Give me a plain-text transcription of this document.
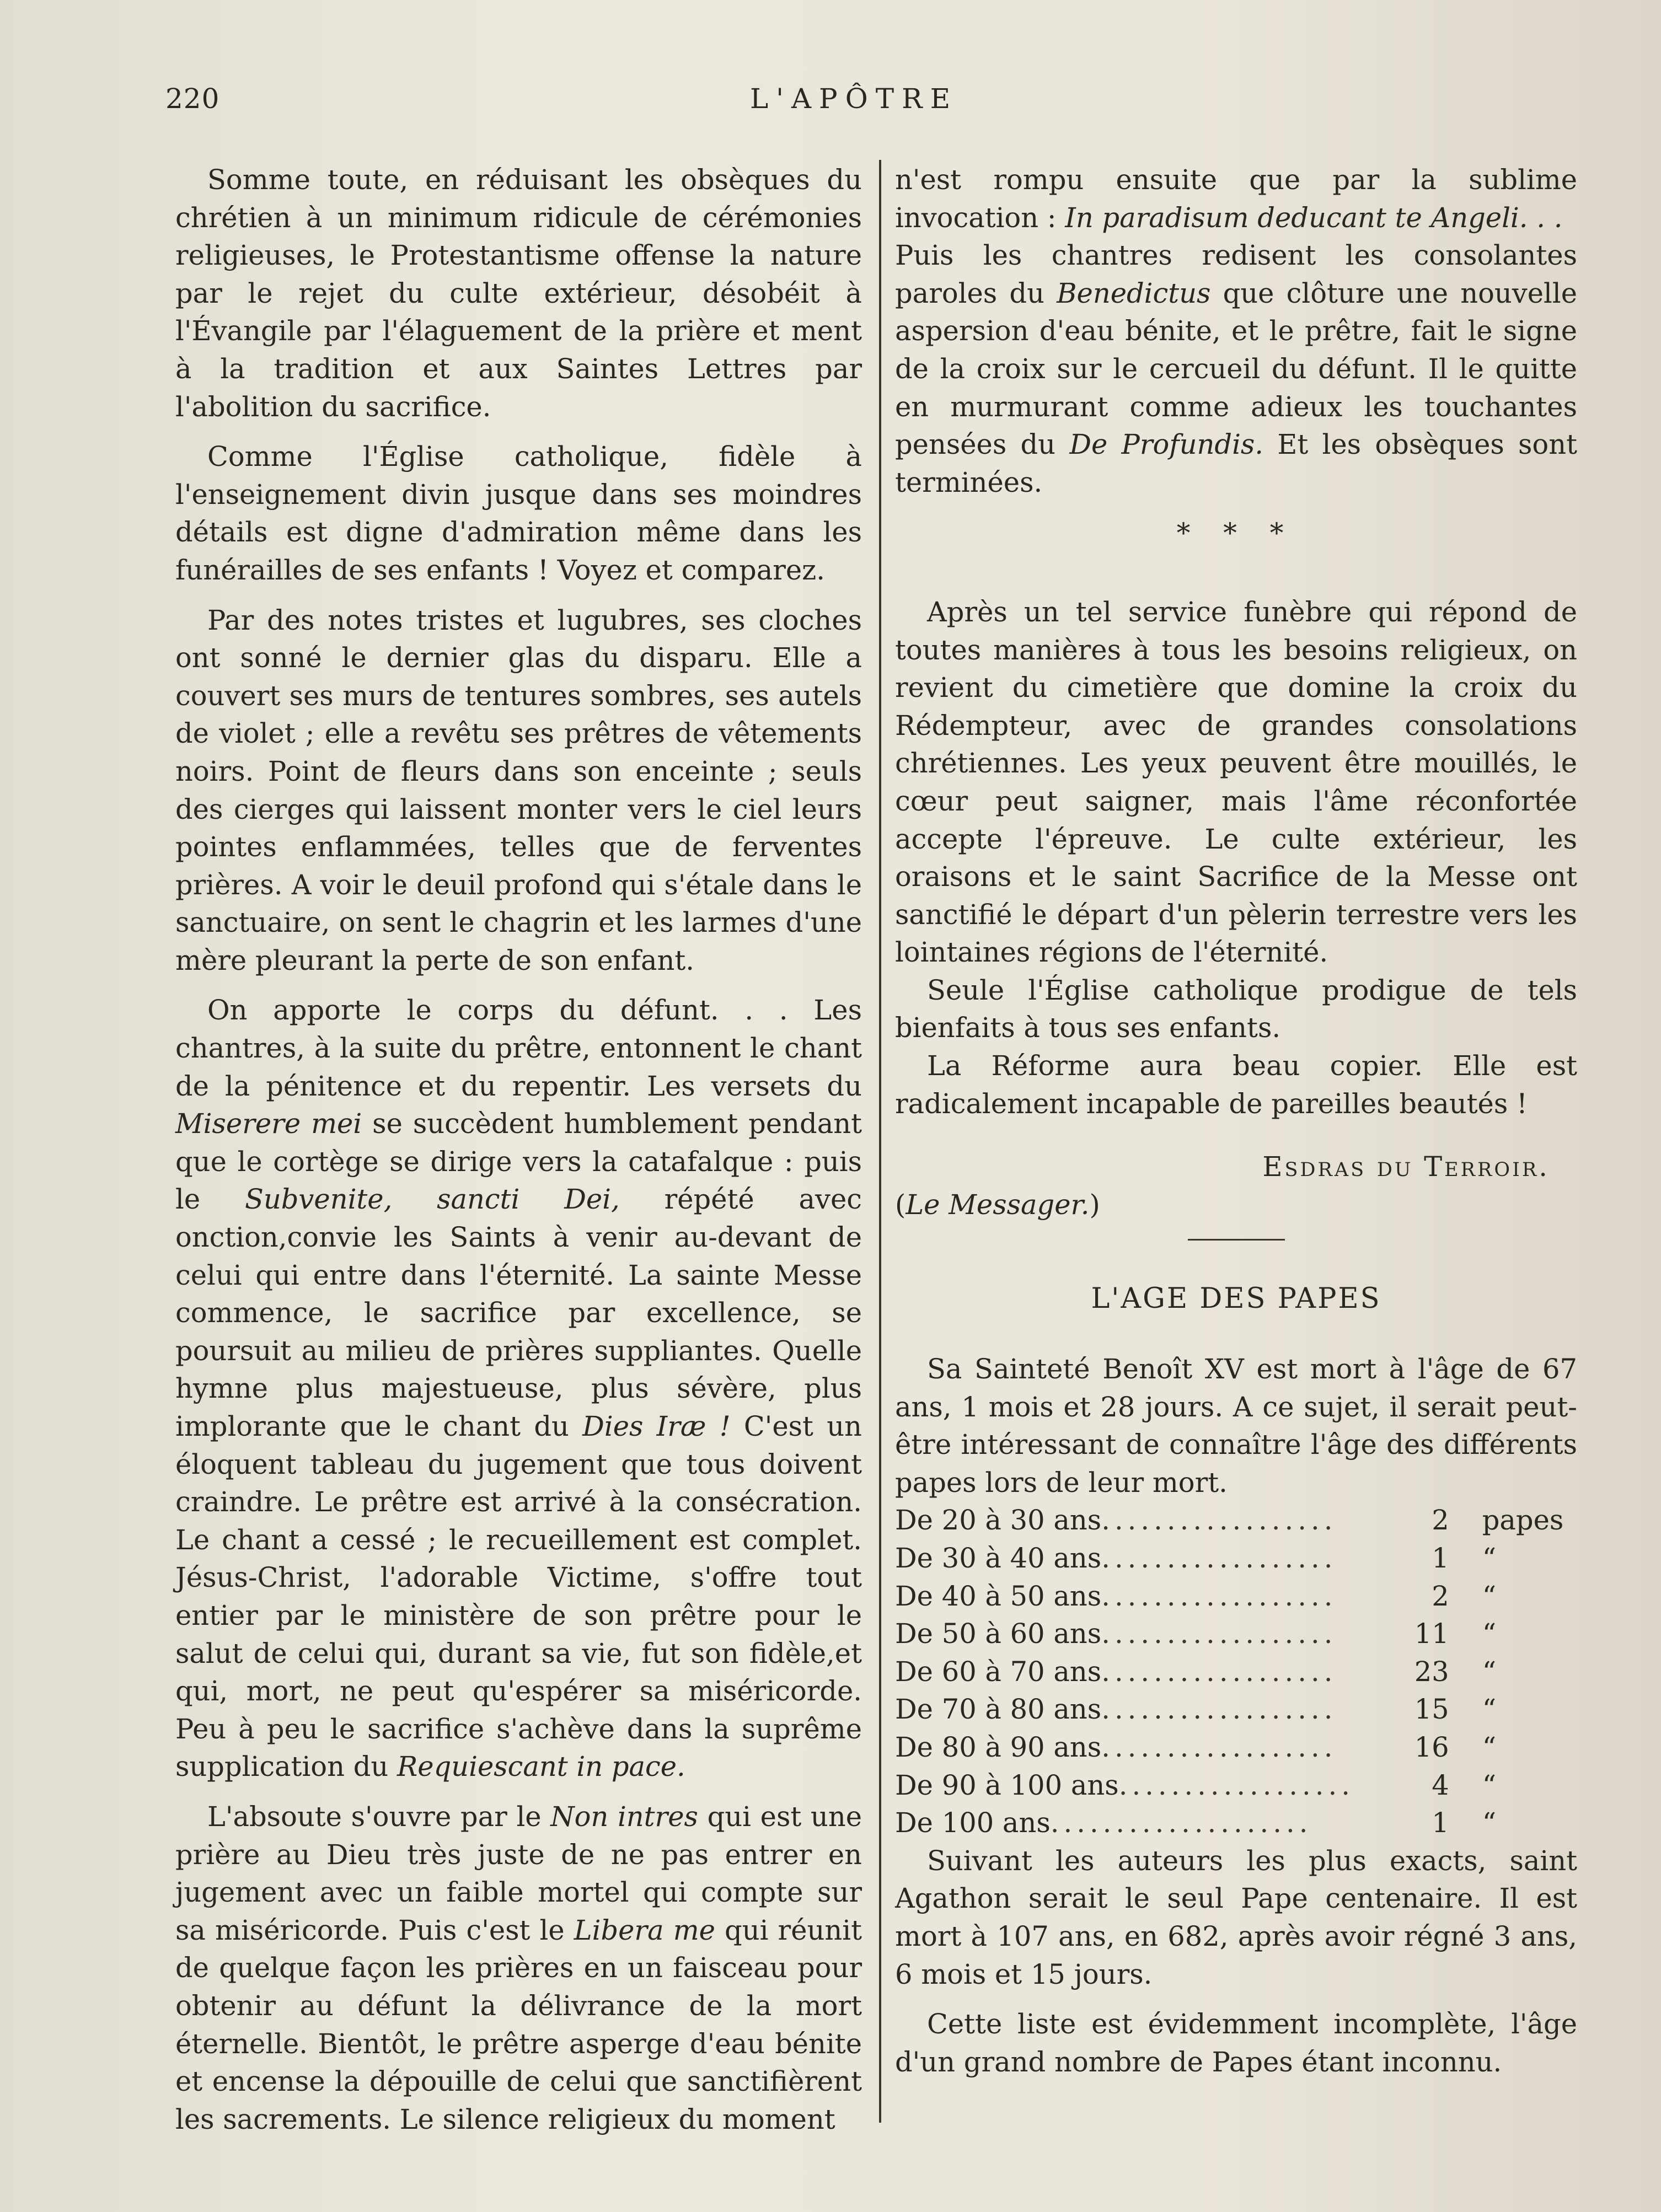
220	L'APÔTRE

Somme toute, en réduisant les obsèques du chrétien à un minimum ridicule de cérémonies religieuses, le Protestantisme offense la nature par le rejet du culte extérieur, désobéit à l'Évangile par l'élaguement de la prière et ment à la tradition et aux Saintes Lettres par l'abolition du sacrifice.

Comme l'Église catholique, fidèle à l'enseignement divin jusque dans ses moindres détails est digne d'admiration même dans les funérailles de ses enfants ! Voyez et comparez.

Par des notes tristes et lugubres, ses cloches ont sonné le dernier glas du disparu. Elle a couvert ses murs de tentures sombres, ses autels de violet ; elle a revêtu ses prêtres de vêtements noirs. Point de fleurs dans son enceinte ; seuls des cierges qui laissent monter vers le ciel leurs pointes enflammées, telles que de ferventes prières. A voir le deuil profond qui s'étale dans le sanctuaire, on sent le chagrin et les larmes d'une mère pleurant la perte de son enfant.

On apporte le corps du défunt. . . Les chantres, à la suite du prêtre, entonnent le chant de la pénitence et du repentir. Les versets du Miserere mei se succèdent humblement pendant que le cortège se dirige vers la catafalque : puis le Subvenite, sancti Dei, répété avec onction,convie les Saints à venir au-devant de celui qui entre dans l'éternité. La sainte Messe commence, le sacrifice par excellence, se poursuit au milieu de prières suppliantes. Quelle hymne plus majestueuse, plus sévère, plus implorante que le chant du Dies Iræ ! C'est un éloquent tableau du jugement que tous doivent craindre. Le prêtre est arrivé à la consécration. Le chant a cessé ; le recueillement est complet. Jésus-Christ, l'adorable Victime, s'offre tout entier par le ministère de son prêtre pour le salut de celui qui, durant sa vie, fut son fidèle,et qui, mort, ne peut qu'espérer sa miséricorde. Peu à peu le sacrifice s'achève dans la suprême supplication du Requiescant in pace.

L'absoute s'ouvre par le Non intres qui est une prière au Dieu très juste de ne pas entrer en jugement avec un faible mortel qui compte sur sa miséricorde. Puis c'est le Libera me qui réunit de quelque façon les prières en un faisceau pour obtenir au défunt la délivrance de la mort éternelle. Bientôt, le prêtre asperge d'eau bénite et encense la dépouille de celui que sanctifièrent les sacrements. Le silence religieux du moment

n'est rompu ensuite que par la sublime invocation : In paradisum deducant te Angeli. . .

Puis les chantres redisent les consolantes paroles du Benedictus que clôture une nouvelle aspersion d'eau bénite, et le prêtre, fait le signe de la croix sur le cercueil du défunt. Il le quitte en murmurant comme adieux les touchantes pensées du De Profundis. Et les obsèques sont terminées.

* * *

Après un tel service funèbre qui répond de toutes manières à tous les besoins religieux, on revient du cimetière que domine la croix du Rédempteur, avec de grandes consolations chrétiennes. Les yeux peuvent être mouillés, le cœur peut saigner, mais l'âme réconfortée accepte l'épreuve. Le culte extérieur, les oraisons et le saint Sacrifice de la Messe ont sanctifié le départ d'un pèlerin terrestre vers les lointaines régions de l'éternité.

Seule l'Église catholique prodigue de tels bienfaits à tous ses enfants.

La Réforme aura beau copier. Elle est radicalement incapable de pareilles beautés !

Esdras du Terroir.
(Le Messager.)
L'AGE DES PAPES

Sa Sainteté Benoît XV est mort à l'âge de 67 ans, 1 mois et 28 jours. A ce sujet, il serait peut-être intéressant de connaître l'âge des différents papes lors de leur mort.

De 20 à 30 ans..................	2	papes
De 30 à 40 ans..................	1	“
De 40 à 50 ans..................	2	“
De 50 à 60 ans..................	11	“
De 60 à 70 ans..................	23	“
De 70 à 80 ans..................	15	“
De 80 à 90 ans..................	16	“
De 90 à 100 ans..................	4	“
De 100 ans....................	1	“

Suivant les auteurs les plus exacts, saint Agathon serait le seul Pape centenaire. Il est mort à 107 ans, en 682, après avoir régné 3 ans, 6 mois et 15 jours.

Cette liste est évidemment incomplète, l'âge d'un grand nombre de Papes étant inconnu.
